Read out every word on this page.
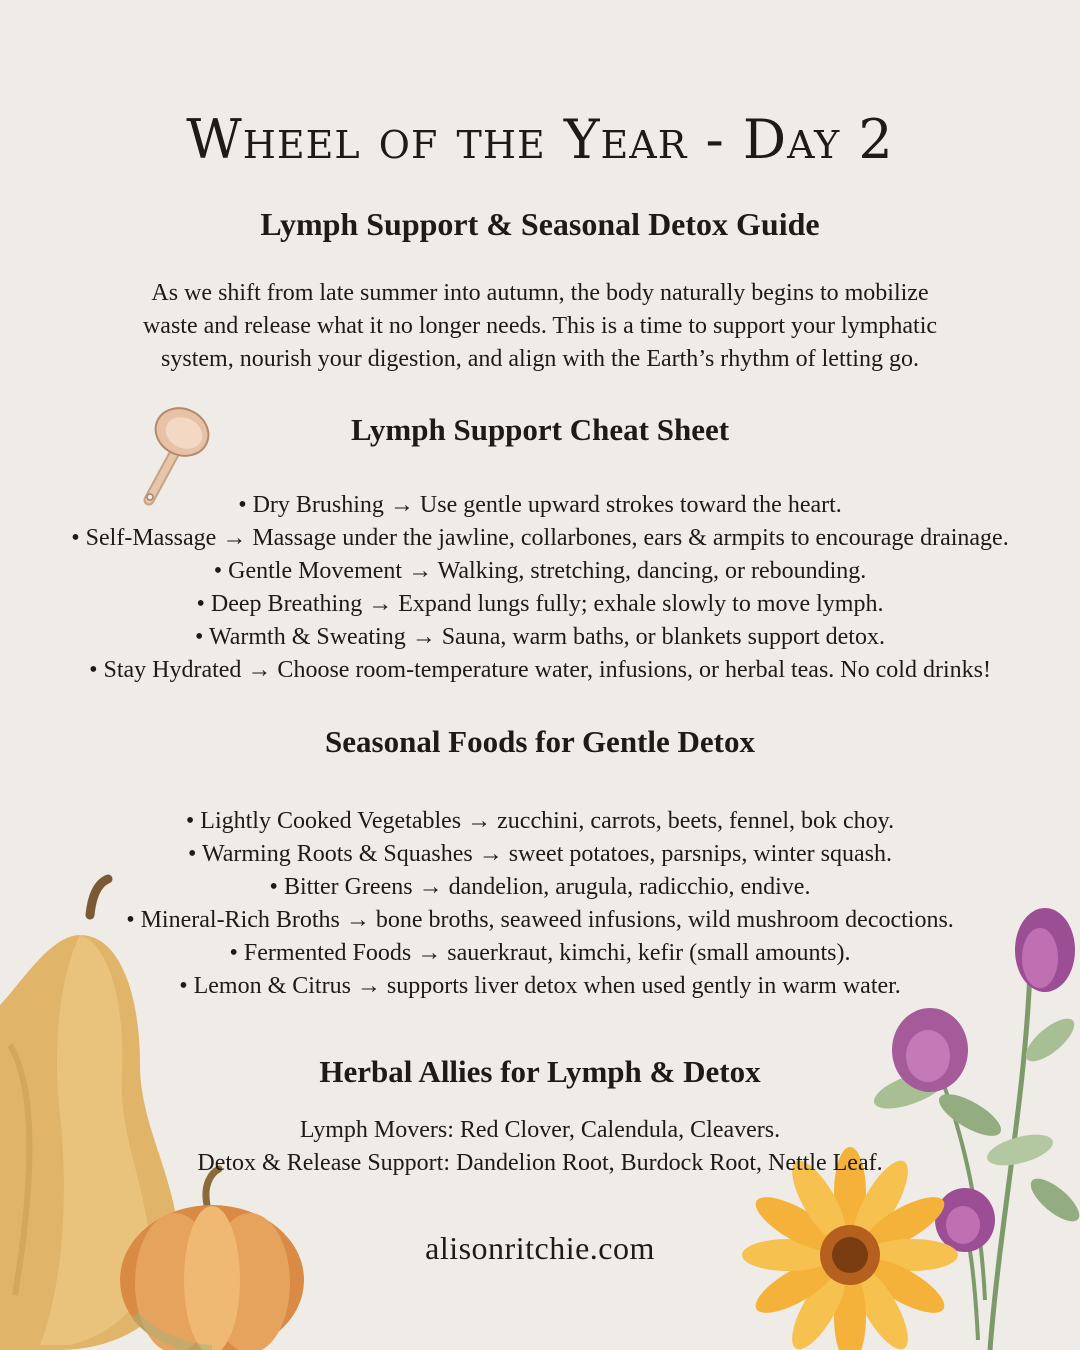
Wheel of the Year - Day 2
Lymph Support & Seasonal Detox Guide
As we shift from late summer into autumn, the body naturally begins to mobilize
waste and release what it no longer needs. This is a time to support your lymphatic
system, nourish your digestion, and align with the Earth’s rhythm of letting go.
Lymph Support Cheat Sheet
• Dry Brushing → Use gentle upward strokes toward the heart.
• Self-Massage → Massage under the jawline, collarbones, ears & armpits to encourage drainage.
• Gentle Movement → Walking, stretching, dancing, or rebounding.
• Deep Breathing → Expand lungs fully; exhale slowly to move lymph.
• Warmth & Sweating → Sauna, warm baths, or blankets support detox.
• Stay Hydrated → Choose room-temperature water, infusions, or herbal teas. No cold drinks!
Seasonal Foods for Gentle Detox
• Lightly Cooked Vegetables → zucchini, carrots, beets, fennel, bok choy.
• Warming Roots & Squashes → sweet potatoes, parsnips, winter squash.
• Bitter Greens → dandelion, arugula, radicchio, endive.
• Mineral-Rich Broths → bone broths, seaweed infusions, wild mushroom decoctions.
• Fermented Foods → sauerkraut, kimchi, kefir (small amounts).
• Lemon & Citrus → supports liver detox when used gently in warm water.
Herbal Allies for Lymph & Detox
Lymph Movers: Red Clover, Calendula, Cleavers.
Detox & Release Support: Dandelion Root, Burdock Root, Nettle Leaf.
alisonritchie.com
